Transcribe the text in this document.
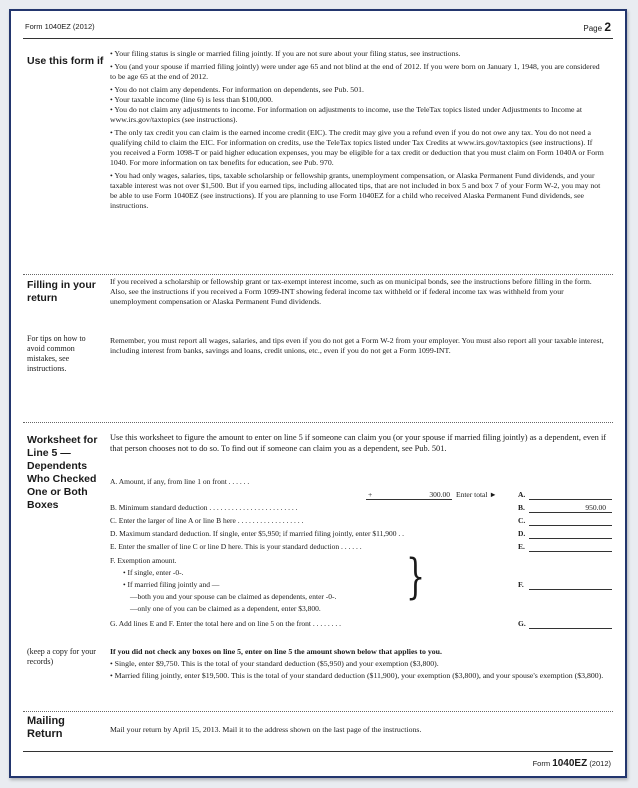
Form 1040EZ (2012)	Page 2
Use this form if

• Your filing status is single or married filing jointly. If you are not sure about your filing status, see instructions.

• You (and your spouse if married filing jointly) were under age 65 and not blind at the end of 2012. If you were born on January 1, 1948, you are considered to be age 65 at the end of 2012.

• You do not claim any dependents. For information on dependents, see Pub. 501.

• Your taxable income (line 6) is less than $100,000.

• You do not claim any adjustments to income. For information on adjustments to income, use the TeleTax topics listed under Adjustments to Income at www.irs.gov/taxtopics (see instructions).

• The only tax credit you can claim is the earned income credit (EIC). The credit may give you a refund even if you do not owe any tax. You do not need a qualifying child to claim the EIC. For information on credits, use the TeleTax topics listed under Tax Credits at www.irs.gov/taxtopics (see instructions). If you received a Form 1098-T or paid higher education expenses, you may be eligible for a tax credit or deduction that you must claim on Form 1040A or Form 1040. For more information on tax benefits for education, see Pub. 970.

• You had only wages, salaries, tips, taxable scholarship or fellowship grants, unemployment compensation, or Alaska Permanent Fund dividends, and your taxable interest was not over $1,500. But if you earned tips, including allocated tips, that are not included in box 5 and box 7 of your Form W-2, you may not be able to use Form 1040EZ (see instructions). If you are planning to use Form 1040EZ for a child who received Alaska Permanent Fund dividends, see instructions.

Filling in your return
If you received a scholarship or fellowship grant or tax-exempt interest income, such as on municipal bonds, see the instructions before filling in the form. Also, see the instructions if you received a Form 1099-INT showing federal income tax withheld or if federal income tax was withheld from your unemployment compensation or Alaska Permanent Fund dividends.
For tips on how to avoid common mistakes, see instructions.
Remember, you must report all wages, salaries, and tips even if you do not get a Form W-2 from your employer. You must also report all your taxable interest, including interest from banks, savings and loans, credit unions, etc., even if you do not get a Form 1099-INT.
Worksheet for Line 5 — Dependents Who Checked One or Both Boxes
Use this worksheet to figure the amount to enter on line 5 if someone can claim you (or your spouse if married filing jointly) as a dependent, even if that person chooses not to do so. To find out if someone can claim you as a dependent, see Pub. 501.
A. Amount, if any, from line 1 on front . . . . . .
+	300.00 Enter total ►	A.
B. Minimum standard deduction . . . . . . . . . . . . . . . . . . . . . . . .	B.	950.00
C. Enter the larger of line A or line B here . . . . . . . . . . . . . . . . . .	C.
D. Maximum standard deduction. If single, enter $5,950; if married filing jointly, enter $11,900 . .	D.
E. Enter the smaller of line C or line D here. This is your standard deduction . . . . . .	E.
F. Exemption amount.
• If single, enter -0-.
• If married filing jointly and —
—both you and your spouse can be claimed as dependents, enter -0-.
—only one of you can be claimed as a dependent, enter $3,800.
}	F.
G. Add lines E and F. Enter the total here and on line 5 on the front . . . . . . . .	G.
(keep a copy for your records)

If you did not check any boxes on line 5, enter on line 5 the amount shown below that applies to you.

• Single, enter $9,750. This is the total of your standard deduction ($5,950) and your exemption ($3,800).

• Married filing jointly, enter $19,500. This is the total of your standard deduction ($11,900), your exemption ($3,800), and your spouse's exemption ($3,800).

Mailing Return	Mail your return by April 15, 2013. Mail it to the address shown on the last page of the instructions.
Form 1040EZ (2012)
